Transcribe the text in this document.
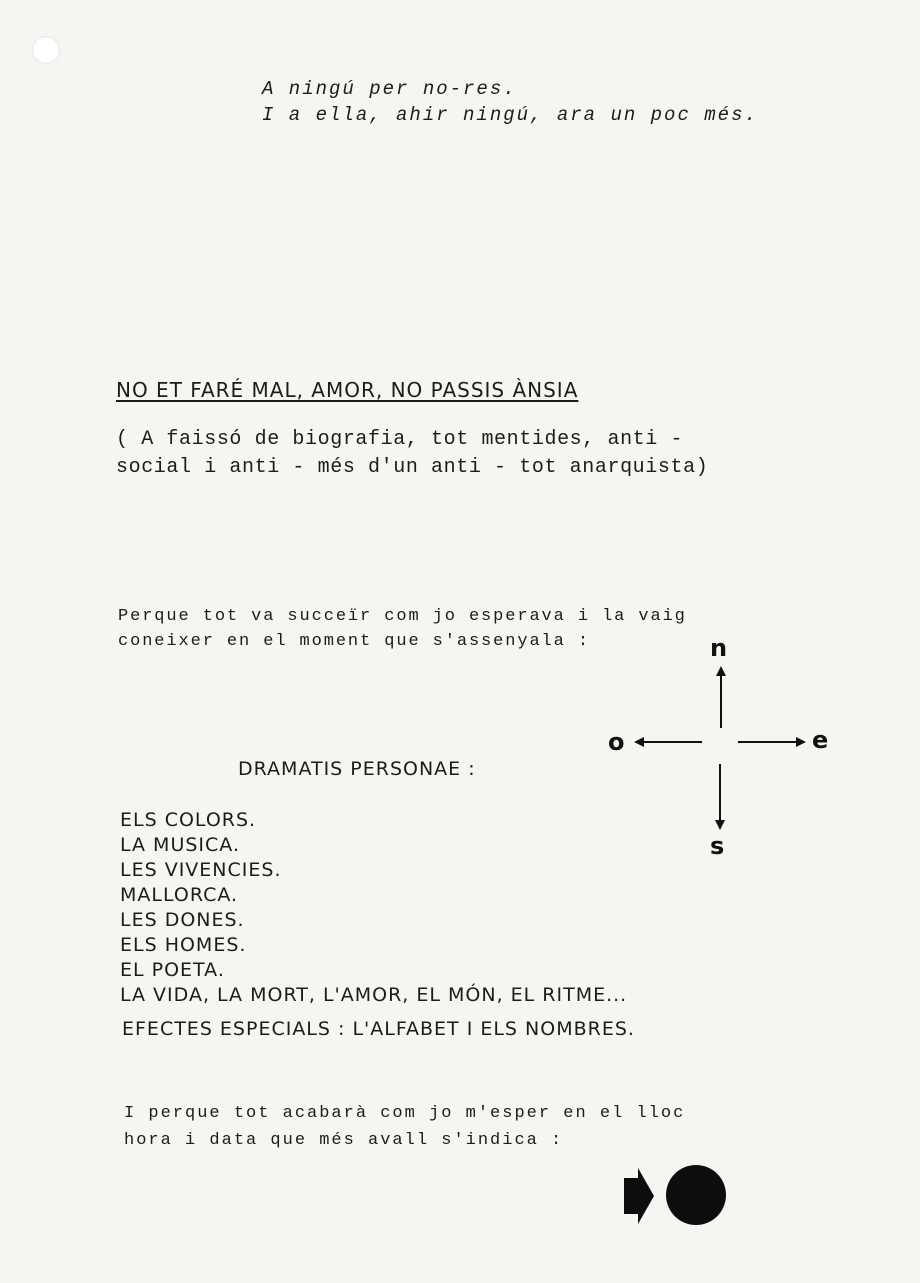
A ningú per no-res.
I a ella, ahir ningú, ara un poc més.
NO ET FARÉ MAL, AMOR, NO PASSIS ÀNSIA
( A faissó de biografia, tot mentides, anti -
social i anti - més d'un anti - tot anarquista)
Perque tot va succeïr com jo esperava i la vaig
coneixer en el moment que s'assenyala :	n
o	e
s
DRAMATIS PERSONAE :
ELS COLORS.
LA MUSICA.
LES VIVENCIES.
MALLORCA.
LES DONES.
ELS HOMES.
EL POETA.
LA VIDA, LA MORT, L'AMOR, EL MÓN, EL RITME...
EFECTES ESPECIALS : L'ALFABET I ELS NOMBRES.
I perque tot acabarà com jo m'esper en el lloc
hora i data que més avall s'indica :
